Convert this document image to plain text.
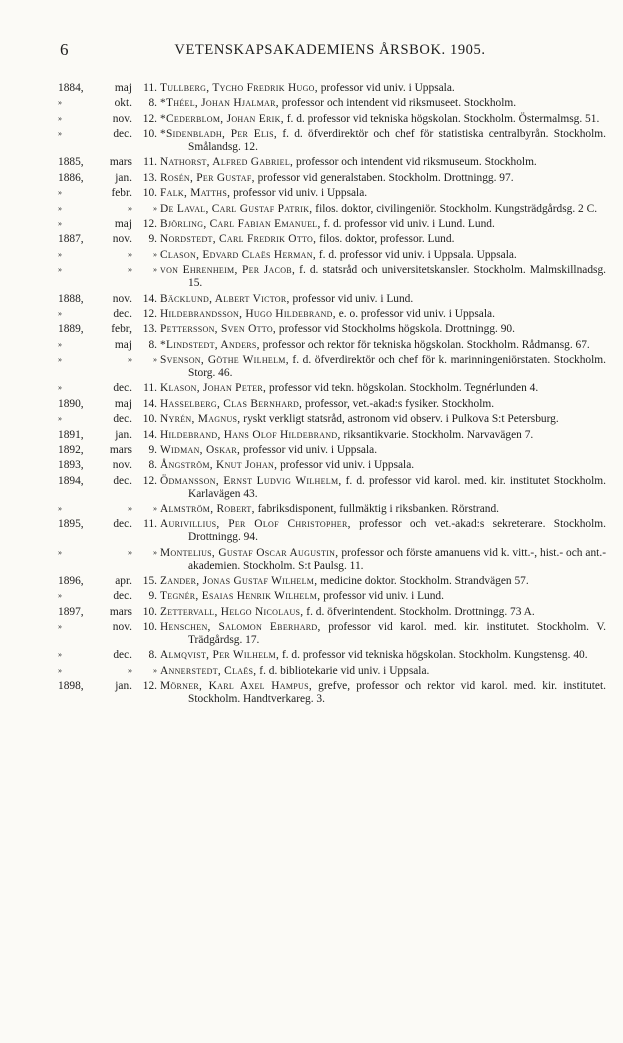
6	VETENSKAPSAKADEMIENS ÅRSBOK. 1905.
1884,	maj 11. Tullberg, Tycho Fredrik Hugo, professor vid univ. i Uppsala.
»	okt.	8. *Théel, Johan Hjalmar, professor och intendent vid riksmuseet. Stockholm.
»	nov. 12. *Cederblom, Johan Erik, f. d. professor vid tekniska högskolan. Stockholm. Östermalmsg. 51.
»	dec. 10. *Sidenbladh, Per Elis, f. d. öfverdirektör och chef för statistiska centralbyrån. Stockholm. Smålandsg. 12.
1885,	mars 11. Nathorst, Alfred Gabriel, professor och intendent vid riksmuseum. Stockholm.
1886,	jan. 13. Rosén, Per Gustaf, professor vid generalstaben. Stockholm. Drottningg. 97.
»	febr. 10. Falk, Matths, professor vid univ. i Uppsala.
»	»	» De Laval, Carl Gustaf Patrik, filos. doktor, civilingeniör. Stockholm. Kungsträdgårdsg. 2 C.
»	maj 12. Björling, Carl Fabian Emanuel, f. d. professor vid univ. i Lund. Lund.
1887,	nov.	9. Nordstedt, Carl Fredrik Otto, filos. doktor, professor. Lund.
»	»	» Clason, Edvard Claës Herman, f. d. professor vid univ. i Uppsala. Uppsala.
»	»	» von Ehrenheim, Per Jacob, f. d. statsråd och universitetskansler. Stockholm. Malmskillnadsg. 15.
1888,	nov. 14. Bäcklund, Albert Victor, professor vid univ. i Lund.
»	dec. 12. Hildebrandsson, Hugo Hildebrand, e. o. professor vid univ. i Uppsala.
1889,	febr, 13. Pettersson, Sven Otto, professor vid Stockholms högskola. Drottningg. 90.
»	maj	8. *Lindstedt, Anders, professor och rektor för tekniska högskolan. Stockholm. Rådmansg. 67.
»	»	» Svenson, Göthe Wilhelm, f. d. öfverdirektör och chef för k. marinningeniörstaten. Stockholm. Storg. 46.
»	dec. 11. Klason, Johan Peter, professor vid tekn. högskolan. Stockholm. Tegnérlunden 4.
1890,	maj 14. Hasselberg, Clas Bernhard, professor, vet.-akad:s fysiker. Stockholm.
»	dec. 10. Nyrén, Magnus, ryskt verkligt statsråd, astronom vid observ. i Pulkova S:t Petersburg.
1891,	jan. 14. Hildebrand, Hans Olof Hildebrand, riksantikvarie. Stockholm. Narvavägen 7.
1892,	mars	9. Widman, Oskar, professor vid univ. i Uppsala.
1893,	nov.	8. Ångström, Knut Johan, professor vid univ. i Uppsala.
1894,	dec. 12. Ödmansson, Ernst Ludvig Wilhelm, f. d. professor vid karol. med. kir. institutet Stockholm. Karlavägen 43.
»	»	» Almström, Robert, fabriksdisponent, fullmäktig i riksbanken. Rörstrand.
1895,	dec. 11. Aurivillius, Per Olof Christopher, professor och vet.-akad:s sekreterare. Stockholm. Drottningg. 94.
»	»	» Montelius, Gustaf Oscar Augustin, professor och förste amanuens vid k. vitt.-, hist.- och ant.-akademien. Stockholm. S:t Paulsg. 11.
1896,	apr. 15. Zander, Jonas Gustaf Wilhelm, medicine doktor. Stockholm. Strandvägen 57.
»	dec.	9. Tegnér, Esaias Henrik Wilhelm, professor vid univ. i Lund.
1897,	mars 10. Zettervall, Helgo Nicolaus, f. d. öfverintendent. Stockholm. Drottningg. 73 A.
»	nov. 10. Henschen, Salomon Eberhard, professor vid karol. med. kir. institutet. Stockholm. V. Trädgårdsg. 17.
»	dec.	8. Almqvist, Per Wilhelm, f. d. professor vid tekniska högskolan. Stockholm. Kungstensg. 40.
»	»	» Annerstedt, Claës, f. d. bibliotekarie vid univ. i Uppsala.
1898,	jan. 12. Mörner, Karl Axel Hampus, grefve, professor och rektor vid karol. med. kir. institutet. Stockholm. Handtverkareg. 3.
